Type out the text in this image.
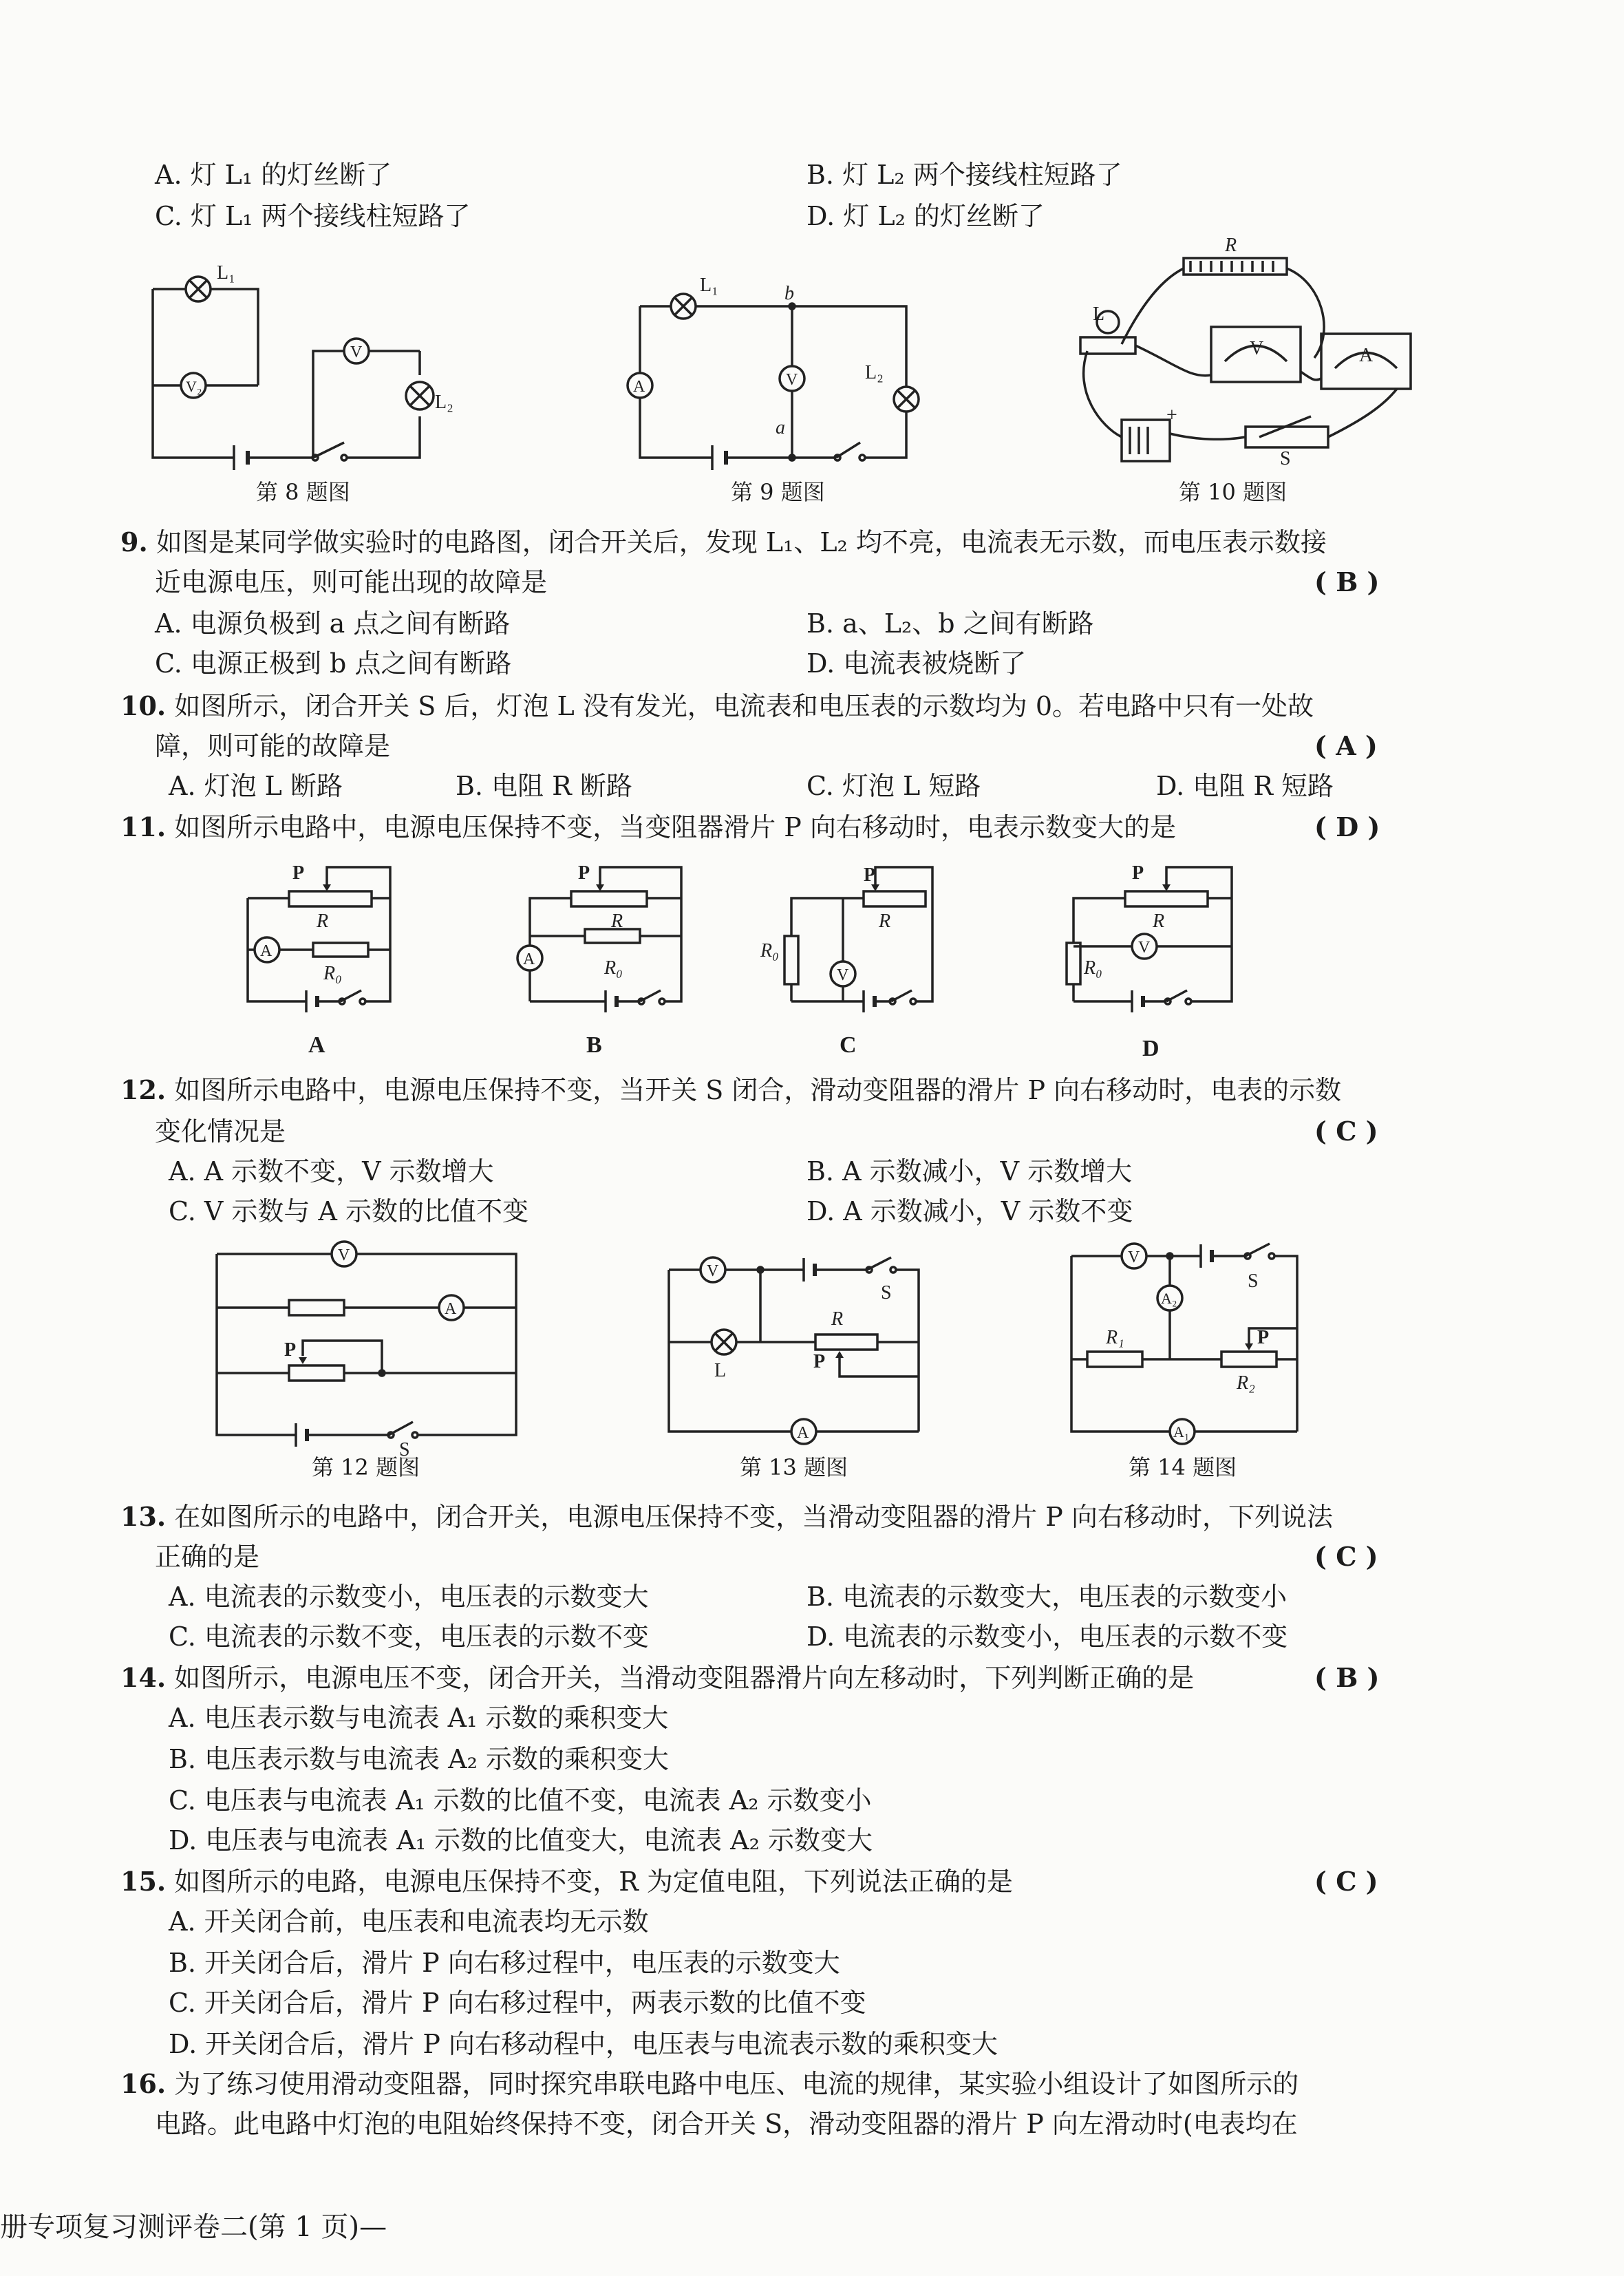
A. 灯 L₁ 的灯丝断了	B. 灯 L₂ 两个接线柱短路了
C. 灯 L₁ 两个接线柱短路了	D. 灯 L₂ 的灯丝断了
V₂
V
L₁
L₂
第 8 题图
A	V
L₁	b
a
L₂
第 9 题图
R
L
V	A
+
S
第 10 题图
9. 如图是某同学做实验时的电路图，闭合开关后，发现 L₁、L₂ 均不亮，电流表无示数，而电压表示数接
近电源电压，则可能出现的故障是	( B )
A. 电源负极到 a 点之间有断路	B. a、L₂、b 之间有断路
C. 电源正极到 b 点之间有断路	D. 电流表被烧断了
10. 如图所示，闭合开关 S 后，灯泡 L 没有发光，电流表和电压表的示数均为 0。若电路中只有一处故
障，则可能的故障是	( A )
A. 灯泡 L 断路	B. 电阻 R 断路	C. 灯泡 L 短路	D. 电阻 R 短路
11. 如图所示电路中，电源电压保持不变，当变阻器滑片 P 向右移动时，电表示数变大的是	( D )
A
P
R
R₀
A
A
P
R
R₀
B
V
P
R
R₀
C
V
P
R
R₀
D
12. 如图所示电路中，电源电压保持不变，当开关 S 闭合，滑动变阻器的滑片 P 向右移动时，电表的示数
变化情况是	( C )
A. A 示数不变，V 示数增大	B. A 示数减小，V 示数增大
C. V 示数与 A 示数的比值不变	D. A 示数减小，V 示数不变
V
A
P
S
第 12 题图
A
V
L
R
P
S
第 13 题图
A₁
V
A₂
R₁
R₂
P
S
第 14 题图
13. 在如图所示的电路中，闭合开关，电源电压保持不变，当滑动变阻器的滑片 P 向右移动时，下列说法
正确的是	( C )
A. 电流表的示数变小，电压表的示数变大	B. 电流表的示数变大，电压表的示数变小
C. 电流表的示数不变，电压表的示数不变	D. 电流表的示数变小，电压表的示数不变
14. 如图所示，电源电压不变，闭合开关，当滑动变阻器滑片向左移动时，下列判断正确的是	( B )
A. 电压表示数与电流表 A₁ 示数的乘积变大
B. 电压表示数与电流表 A₂ 示数的乘积变大
C. 电压表与电流表 A₁ 示数的比值不变，电流表 A₂ 示数变小
D. 电压表与电流表 A₁ 示数的比值变大，电流表 A₂ 示数变大
15. 如图所示的电路，电源电压保持不变，R 为定值电阻，下列说法正确的是	( C )
A. 开关闭合前，电压表和电流表均无示数
B. 开关闭合后，滑片 P 向右移过程中，电压表的示数变大
C. 开关闭合后，滑片 P 向右移过程中，两表示数的比值不变
D. 开关闭合后，滑片 P 向右移动程中，电压表与电流表示数的乘积变大
16. 为了练习使用滑动变阻器，同时探究串联电路中电压、电流的规律，某实验小组设计了如图所示的
电路。此电路中灯泡的电阻始终保持不变，闭合开关 S，滑动变阻器的滑片 P 向左滑动时(电表均在
册专项复习测评卷二(第 1 页)—
